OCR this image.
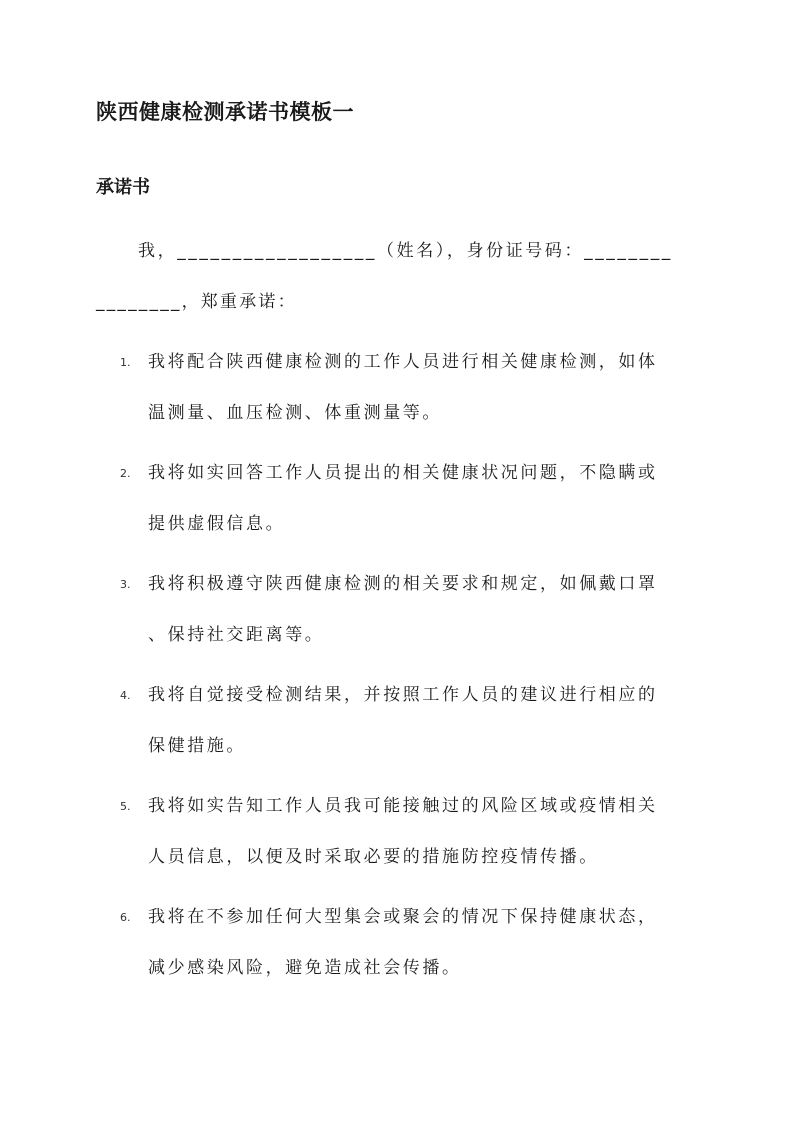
陕西健康检测承诺书模板一
承诺书
我，__________________（姓名），身份证号码：________
________，郑重承诺：
1. 我将配合陕西健康检测的工作人员进行相关健康检测，如体
温测量、血压检测、体重测量等。
2. 我将如实回答工作人员提出的相关健康状况问题，不隐瞒或
提供虚假信息。
3. 我将积极遵守陕西健康检测的相关要求和规定，如佩戴口罩
、保持社交距离等。
4. 我将自觉接受检测结果，并按照工作人员的建议进行相应的
保健措施。
5. 我将如实告知工作人员我可能接触过的风险区域或疫情相关
人员信息，以便及时采取必要的措施防控疫情传播。
6. 我将在不参加任何大型集会或聚会的情况下保持健康状态，
减少感染风险，避免造成社会传播。
